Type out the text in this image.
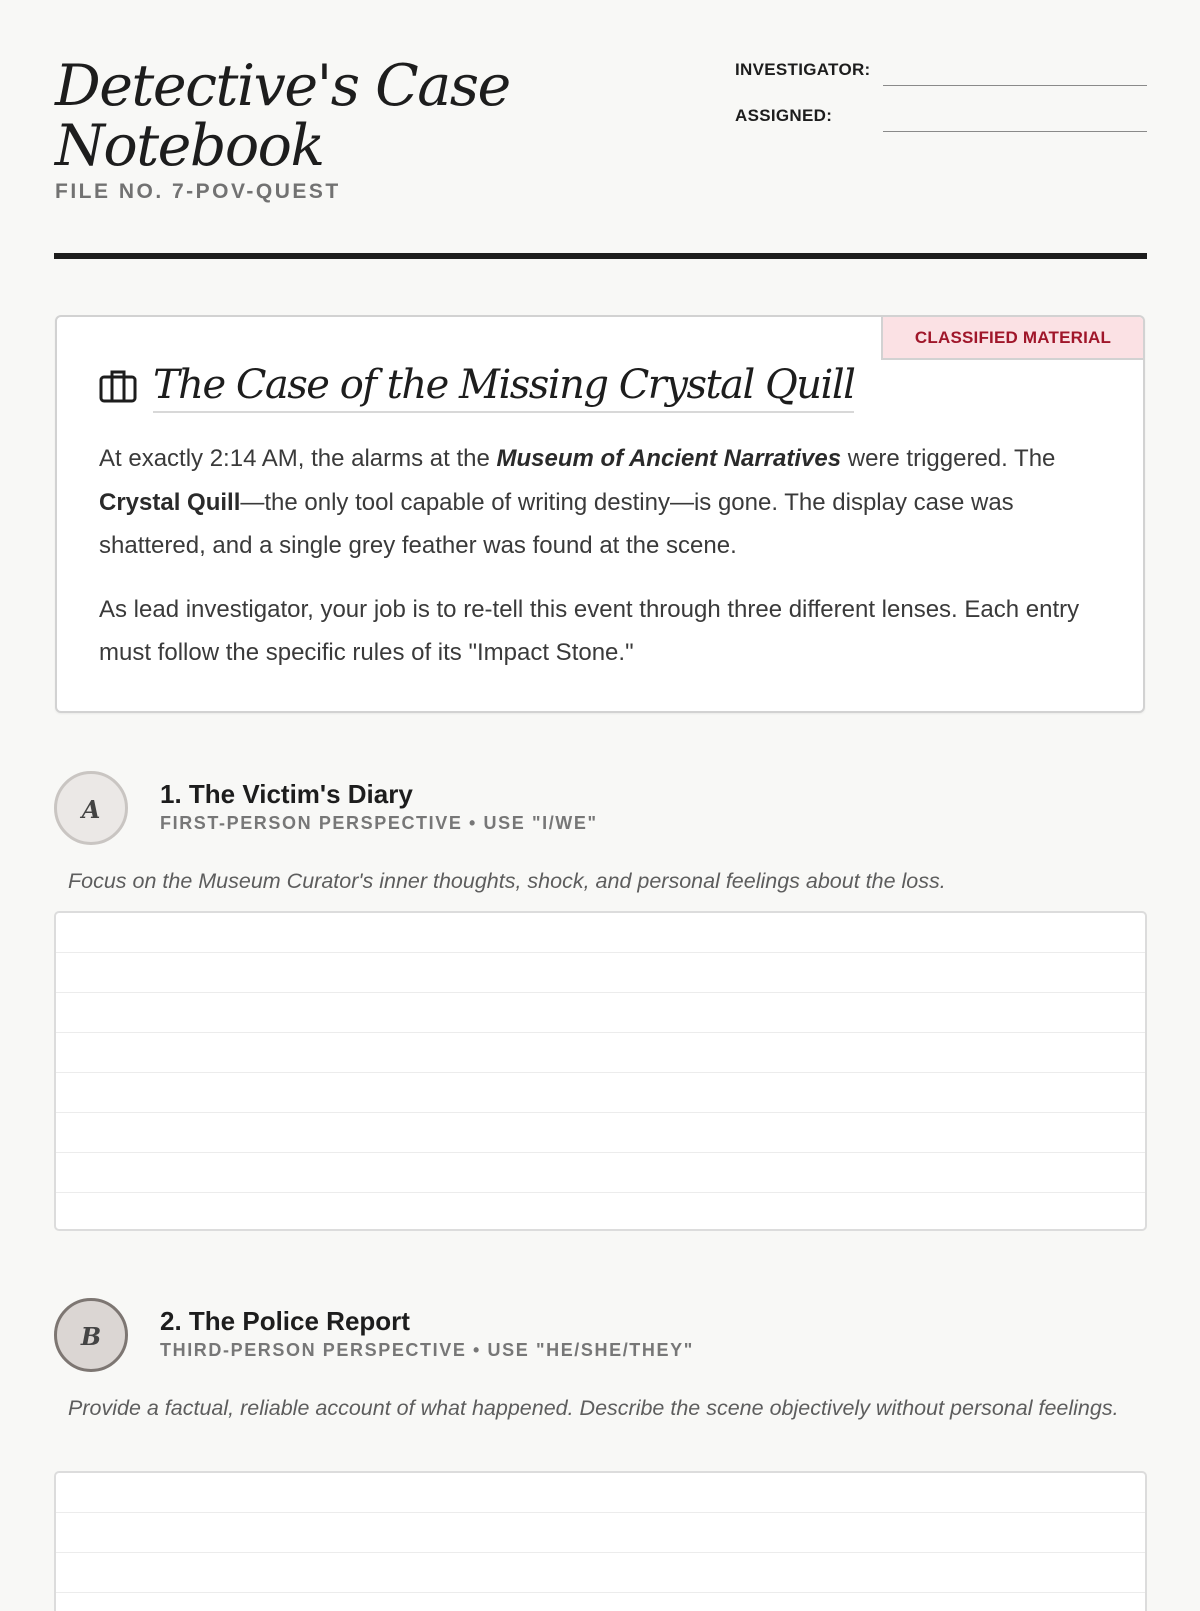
Detective's Case Notebook
FILE NO. 7-POV-QUEST
INVESTIGATOR:
ASSIGNED:
CLASSIFIED MATERIAL
The Case of the Missing Crystal Quill

At exactly 2:14 AM, the alarms at the Museum of Ancient Narratives were triggered. The Crystal Quill—the only tool capable of writing destiny—is gone. The display case was shattered, and a single grey feather was found at the scene.

As lead investigator, your job is to re-tell this event through three different lenses. Each entry must follow the specific rules of its "Impact Stone."

A
1. The Victim's Diary
FIRST-PERSON PERSPECTIVE • USE "I/WE"
Focus on the Museum Curator's inner thoughts, shock, and personal feelings about the loss.
B
2. The Police Report
THIRD-PERSON PERSPECTIVE • USE "HE/SHE/THEY"
Provide a factual, reliable account of what happened. Describe the scene objectively without personal feelings.
